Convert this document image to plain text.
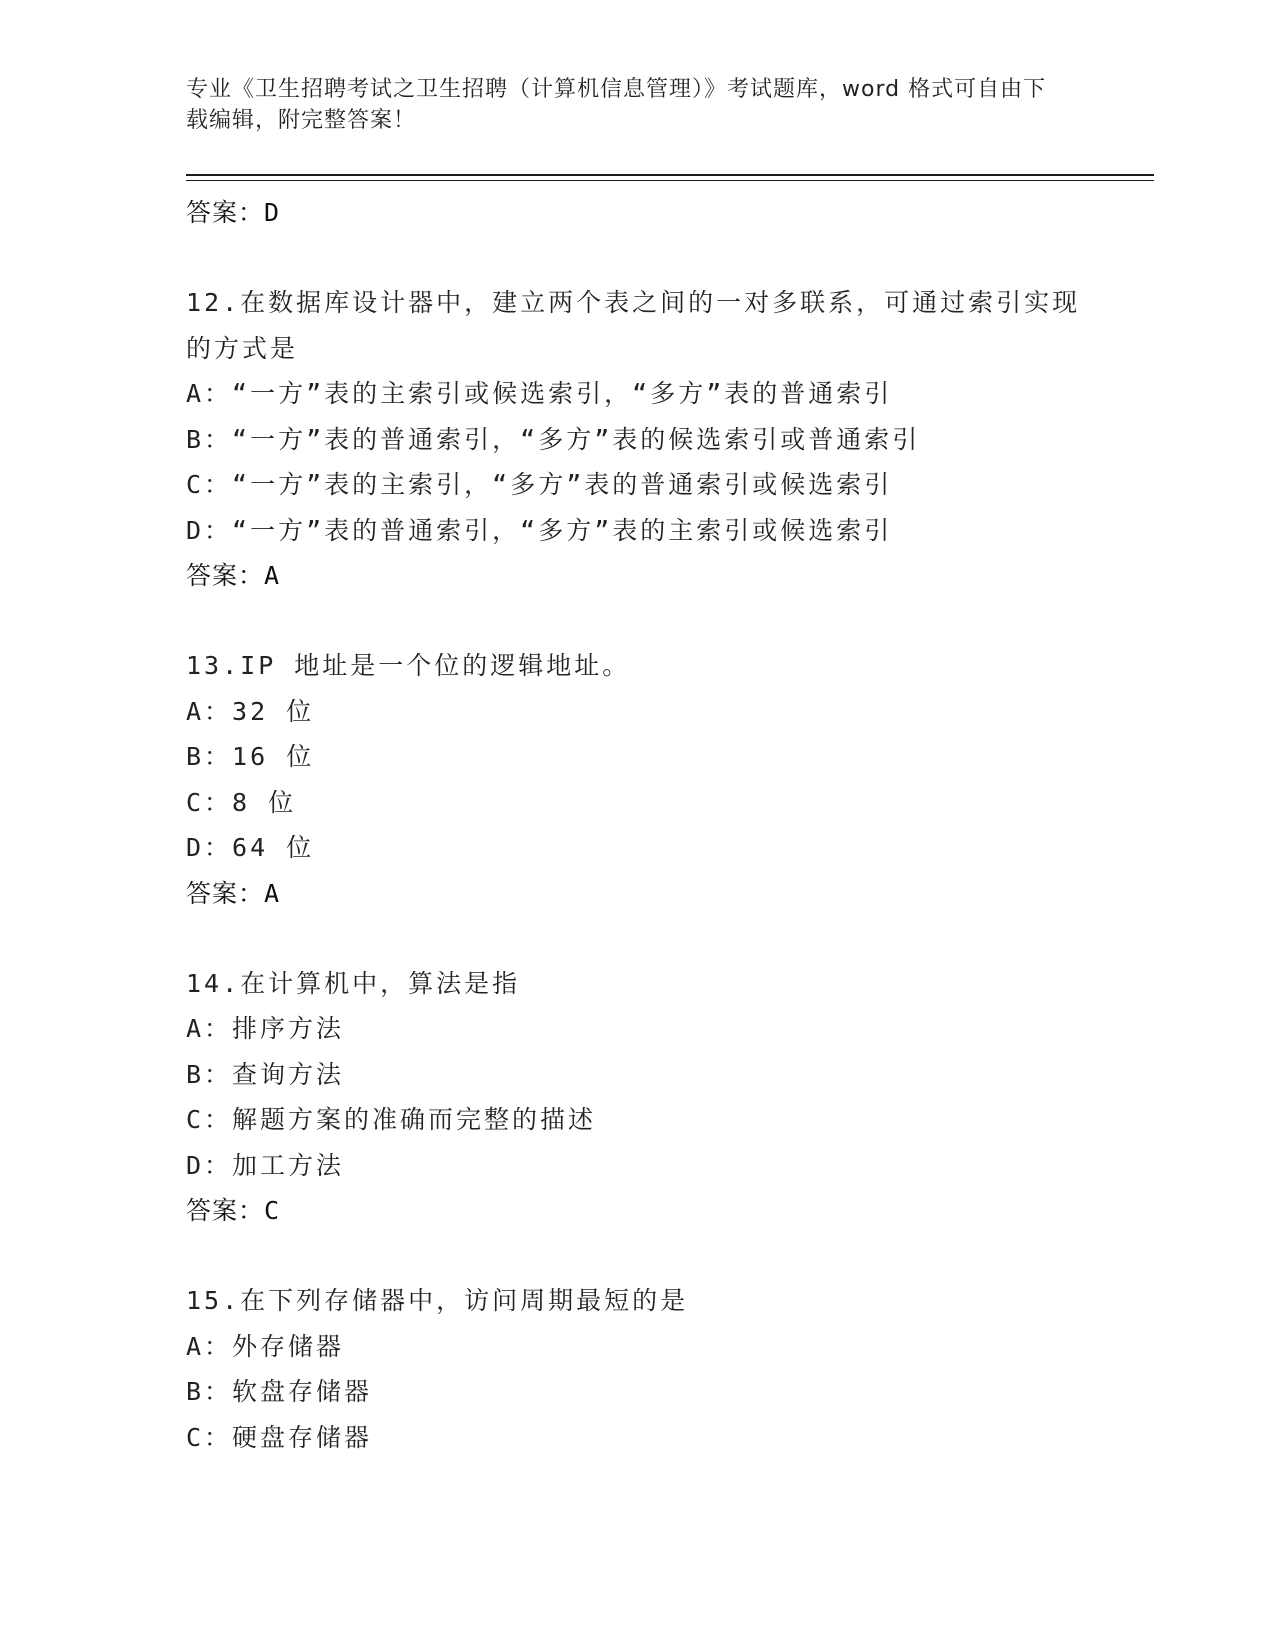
专业《卫生招聘考试之卫生招聘（计算机信息管理）》考试题库，word 格式可自由下载编辑，附完整答案！
答案：D
12.在数据库设计器中，建立两个表之间的一对多联系，可通过索引实现的方式是
A：“一方”表的主索引或候选索引，“多方”表的普通索引
B：“一方”表的普通索引，“多方”表的候选索引或普通索引
C：“一方”表的主索引，“多方”表的普通索引或候选索引
D：“一方”表的普通索引，“多方”表的主索引或候选索引
答案：A
13.IP 地址是一个位的逻辑地址。
A：32 位
B：16 位
C：8 位
D：64 位
答案：A
14.在计算机中，算法是指
A：排序方法
B：查询方法
C：解题方案的准确而完整的描述
D：加工方法
答案：C
15.在下列存储器中，访问周期最短的是
A：外存储器
B：软盘存储器
C：硬盘存储器
